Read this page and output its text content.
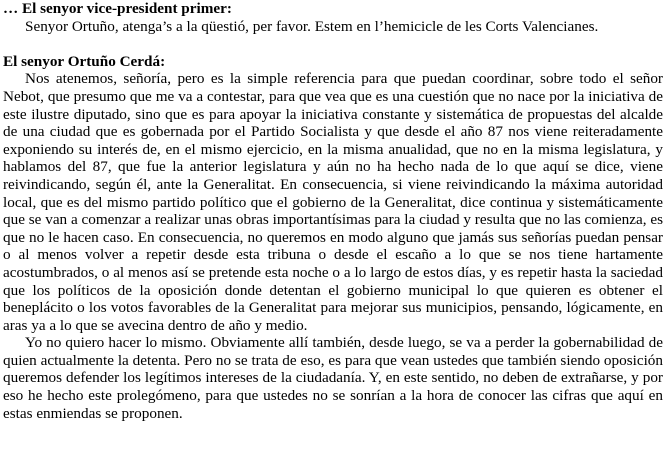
… El senyor vice-president primer:

Senyor Ortuño, atenga’s a la qüestió, per favor. Estem en l’hemicicle de les Corts Valencianes.

El senyor Ortuño Cerdá:

Nos atenemos, señoría, pero es la simple referencia para que puedan coordinar, sobre todo el señor Nebot, que presumo que me va a contestar, para que vea que es una cuestión que no nace por la iniciativa de este ilustre diputado, sino que es para apoyar la iniciativa constante y sistemática de propuestas del alcalde de una ciudad que es gobernada por el Partido Socialista y que desde el año 87 nos viene reiteradamente exponiendo su interés de, en el mismo ejercicio, en la misma anualidad, que no en la misma legislatura, y hablamos del 87, que fue la anterior legislatura y aún no ha hecho nada de lo que aquí se dice, viene reivindicando, según él, ante la Generalitat. En consecuencia, si viene reivindicando la máxima autoridad local, que es del mismo partido político que el gobierno de la Generalitat, dice continua y sistemáticamente que se van a comenzar a realizar unas obras importantísimas para la ciudad y resulta que no las comienza, es que no le hacen caso. En consecuencia, no queremos en modo alguno que jamás sus señorías puedan pensar o al menos volver a repetir desde esta tribuna o desde el escaño a lo que se nos tiene hartamente acostumbrados, o al menos así se pretende esta noche o a lo largo de estos días, y es repetir hasta la saciedad que los políticos de la oposición donde detentan el gobierno municipal lo que quieren es obtener el beneplácito o los votos favorables de la Generalitat para mejorar sus municipios, pensando, lógicamente, en aras ya a lo que se avecina dentro de año y medio.

Yo no quiero hacer lo mismo. Obviamente allí también, desde luego, se va a perder la gobernabilidad de quien actualmente la detenta. Pero no se trata de eso, es para que vean ustedes que también siendo oposición queremos defender los legítimos intereses de la ciudadanía. Y, en este sentido, no deben de extrañarse, y por eso he hecho este prolegómeno, para que ustedes no se sonrían a la hora de conocer las cifras que aquí en estas enmiendas se proponen.
